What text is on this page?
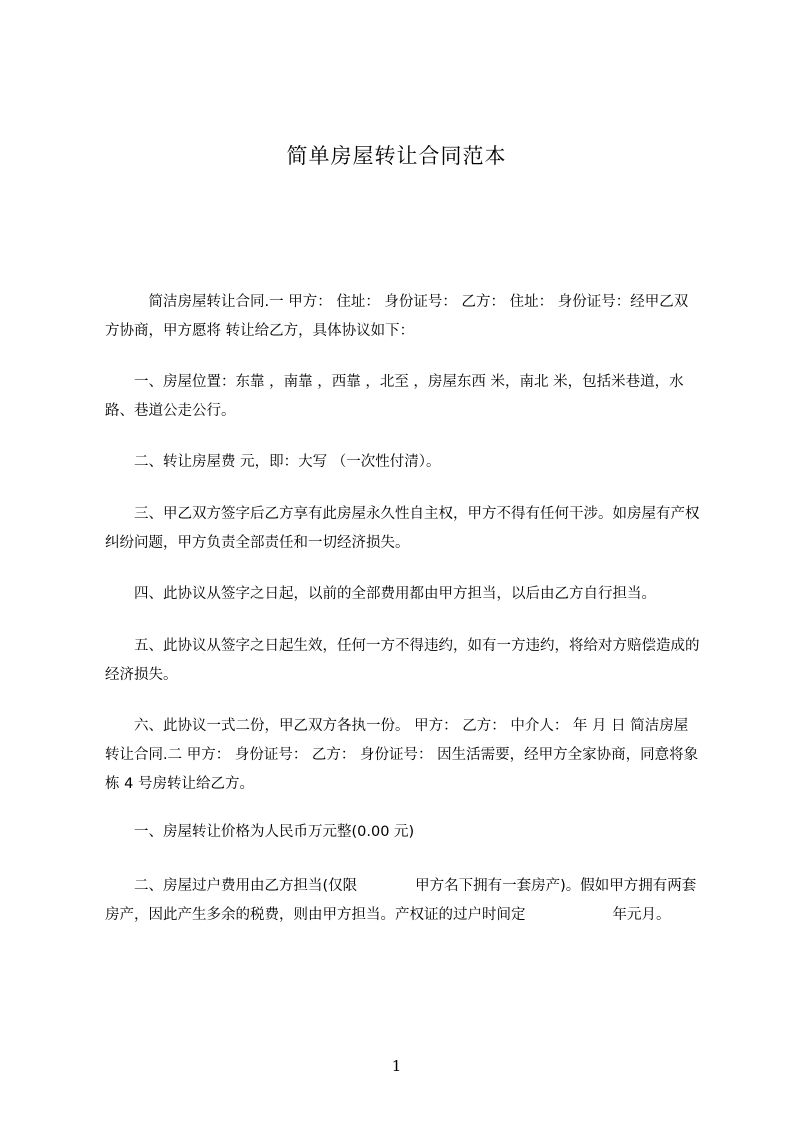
简单房屋转让合同范本

　　　简洁房屋转让合同.一 甲方： 住址： 身份证号： 乙方： 住址： 身份证号：经甲乙双方协商，甲方愿将 转让给乙方，具体协议如下：

　　一、房屋位置：东靠 ，南靠 ，西靠 ，北至 ，房屋东西 米，南北 米，包括米巷道，水路、巷道公走公行。

　　二、转让房屋费 元，即：大写 （一次性付清）。

　　三、甲乙双方签字后乙方享有此房屋永久性自主权，甲方不得有任何干涉。如房屋有产权纠纷问题，甲方负责全部责任和一切经济损失。

　　四、此协议从签字之日起，以前的全部费用都由甲方担当，以后由乙方自行担当。

　　五、此协议从签字之日起生效，任何一方不得违约，如有一方违约，将给对方赔偿造成的经济损失。

　　六、此协议一式二份，甲乙双方各执一份。 甲方： 乙方： 中介人： 年 月 日 简洁房屋转让合同.二 甲方： 身份证号： 乙方： 身份证号： 因生活需要，经甲方全家协商，同意将象栋 4 号房转让给乙方。

　　一、房屋转让价格为人民币万元整(0.00 元)

　　二、房屋过户费用由乙方担当(仅限　　　　甲方名下拥有一套房产)。假如甲方拥有两套房产，因此产生多余的税费，则由甲方担当。产权证的过户时间定　　　　　　年元月。

1
